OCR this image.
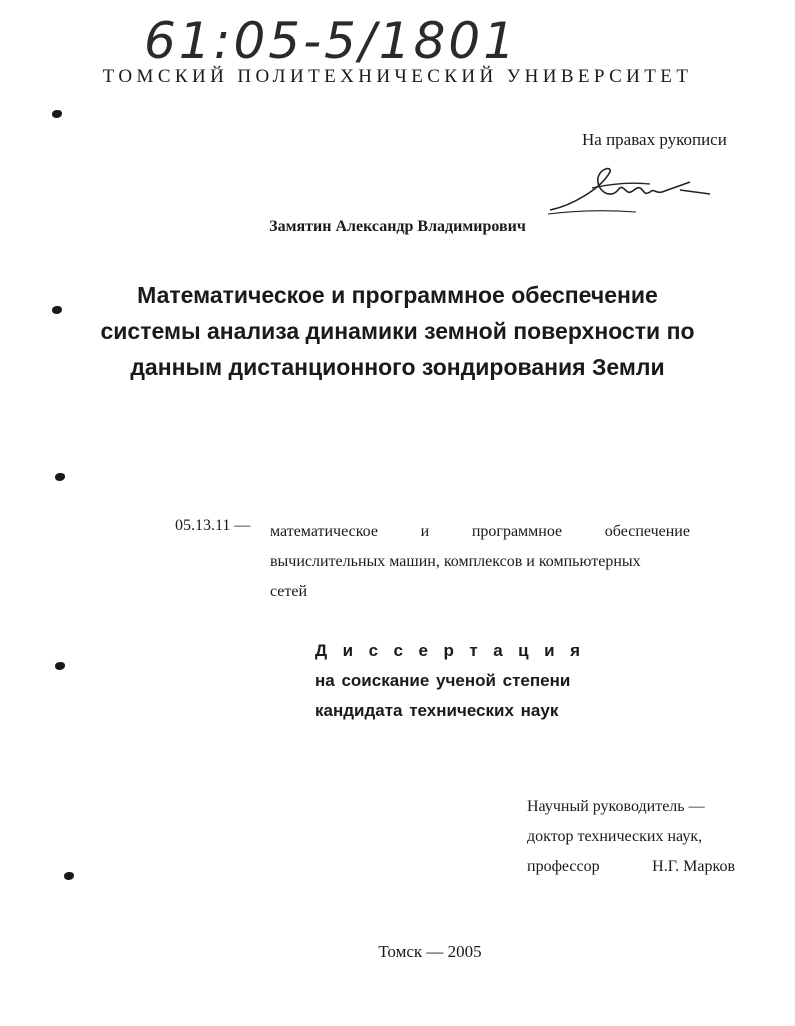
61:05-5/1801
ТОМСКИЙ ПОЛИТЕХНИЧЕСКИЙ УНИВЕРСИТЕТ
На правах рукописи
Замятин Александр Владимирович
Математическое и программное обеспечение
системы анализа динамики земной поверхности по
данным дистанционного зондирования Земли
05.13.11 — математическое	и	программное	обеспечение
вычислительных машин, комплексов и компьютерных
сетей
Д и с с е р т а ц и я
на соискание ученой степени
кандидата технических наук
Научный руководитель —
доктор технических наук,
профессор	Н.Г. Марков
Томск — 2005
